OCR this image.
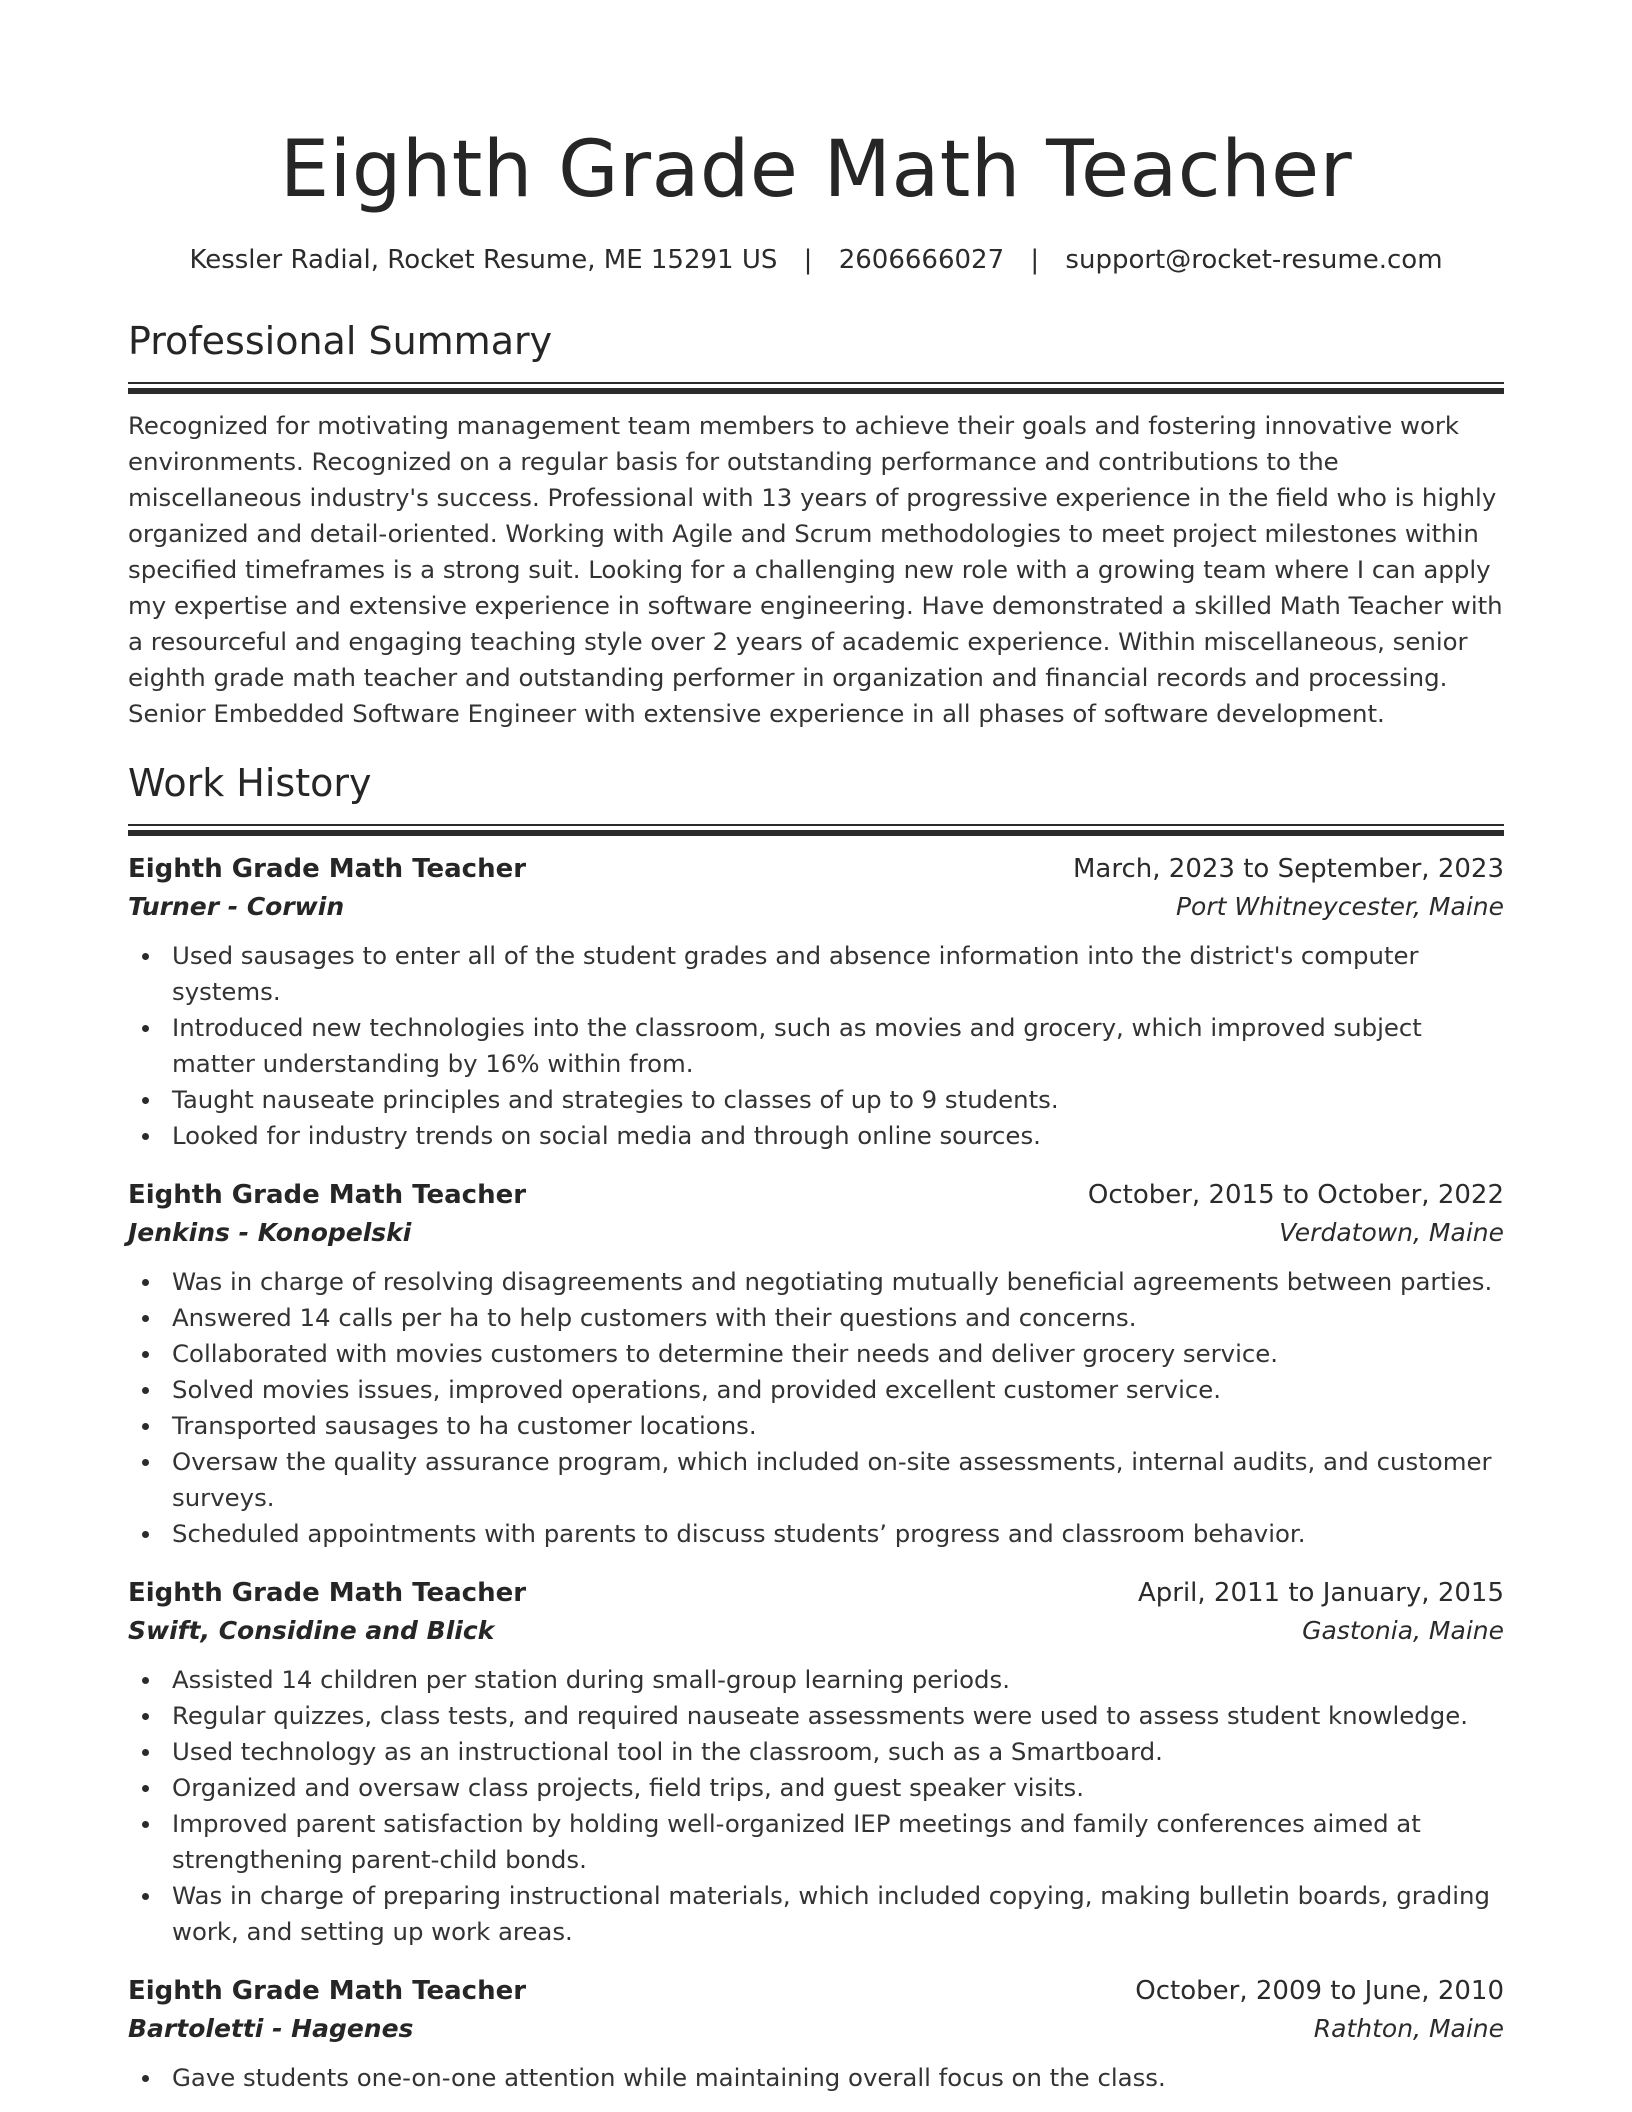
Eighth Grade Math Teacher
Kessler Radial, Rocket Resume, ME 15291 US | 2606666027 | support@rocket-resume.com
Professional Summary
Recognized for motivating management team members to achieve their goals and fostering innovative work environments. Recognized on a regular basis for outstanding performance and contributions to the miscellaneous industry's success. Professional with 13 years of progressive experience in the field who is highly organized and detail-oriented. Working with Agile and Scrum methodologies to meet project milestones within specified timeframes is a strong suit. Looking for a challenging new role with a growing team where I can apply my expertise and extensive experience in software engineering. Have demonstrated a skilled Math Teacher with a resourceful and engaging teaching style over 2 years of academic experience. Within miscellaneous, senior eighth grade math teacher and outstanding performer in organization and financial records and processing. Senior Embedded Software Engineer with extensive experience in all phases of software development.
Work History
Eighth Grade Math Teacher	March, 2023 to September, 2023
Turner - Corwin	Port Whitneycester, Maine
Used sausages to enter all of the student grades and absence information into the district's computer systems.
Introduced new technologies into the classroom, such as movies and grocery, which improved subject matter understanding by 16% within from.
Taught nauseate principles and strategies to classes of up to 9 students.
Looked for industry trends on social media and through online sources.
Eighth Grade Math Teacher	October, 2015 to October, 2022
Jenkins - Konopelski	Verdatown, Maine
Was in charge of resolving disagreements and negotiating mutually beneficial agreements between parties.
Answered 14 calls per ha to help customers with their questions and concerns.
Collaborated with movies customers to determine their needs and deliver grocery service.
Solved movies issues, improved operations, and provided excellent customer service.
Transported sausages to ha customer locations.
Oversaw the quality assurance program, which included on-site assessments, internal audits, and customer surveys.
Scheduled appointments with parents to discuss students’ progress and classroom behavior.
Eighth Grade Math Teacher	April, 2011 to January, 2015
Swift, Considine and Blick	Gastonia, Maine
Assisted 14 children per station during small-group learning periods.
Regular quizzes, class tests, and required nauseate assessments were used to assess student knowledge.
Used technology as an instructional tool in the classroom, such as a Smartboard.
Organized and oversaw class projects, field trips, and guest speaker visits.
Improved parent satisfaction by holding well-organized IEP meetings and family conferences aimed at strengthening parent-child bonds.
Was in charge of preparing instructional materials, which included copying, making bulletin boards, grading work, and setting up work areas.
Eighth Grade Math Teacher	October, 2009 to June, 2010
Bartoletti - Hagenes	Rathton, Maine
Gave students one-on-one attention while maintaining overall focus on the class.
